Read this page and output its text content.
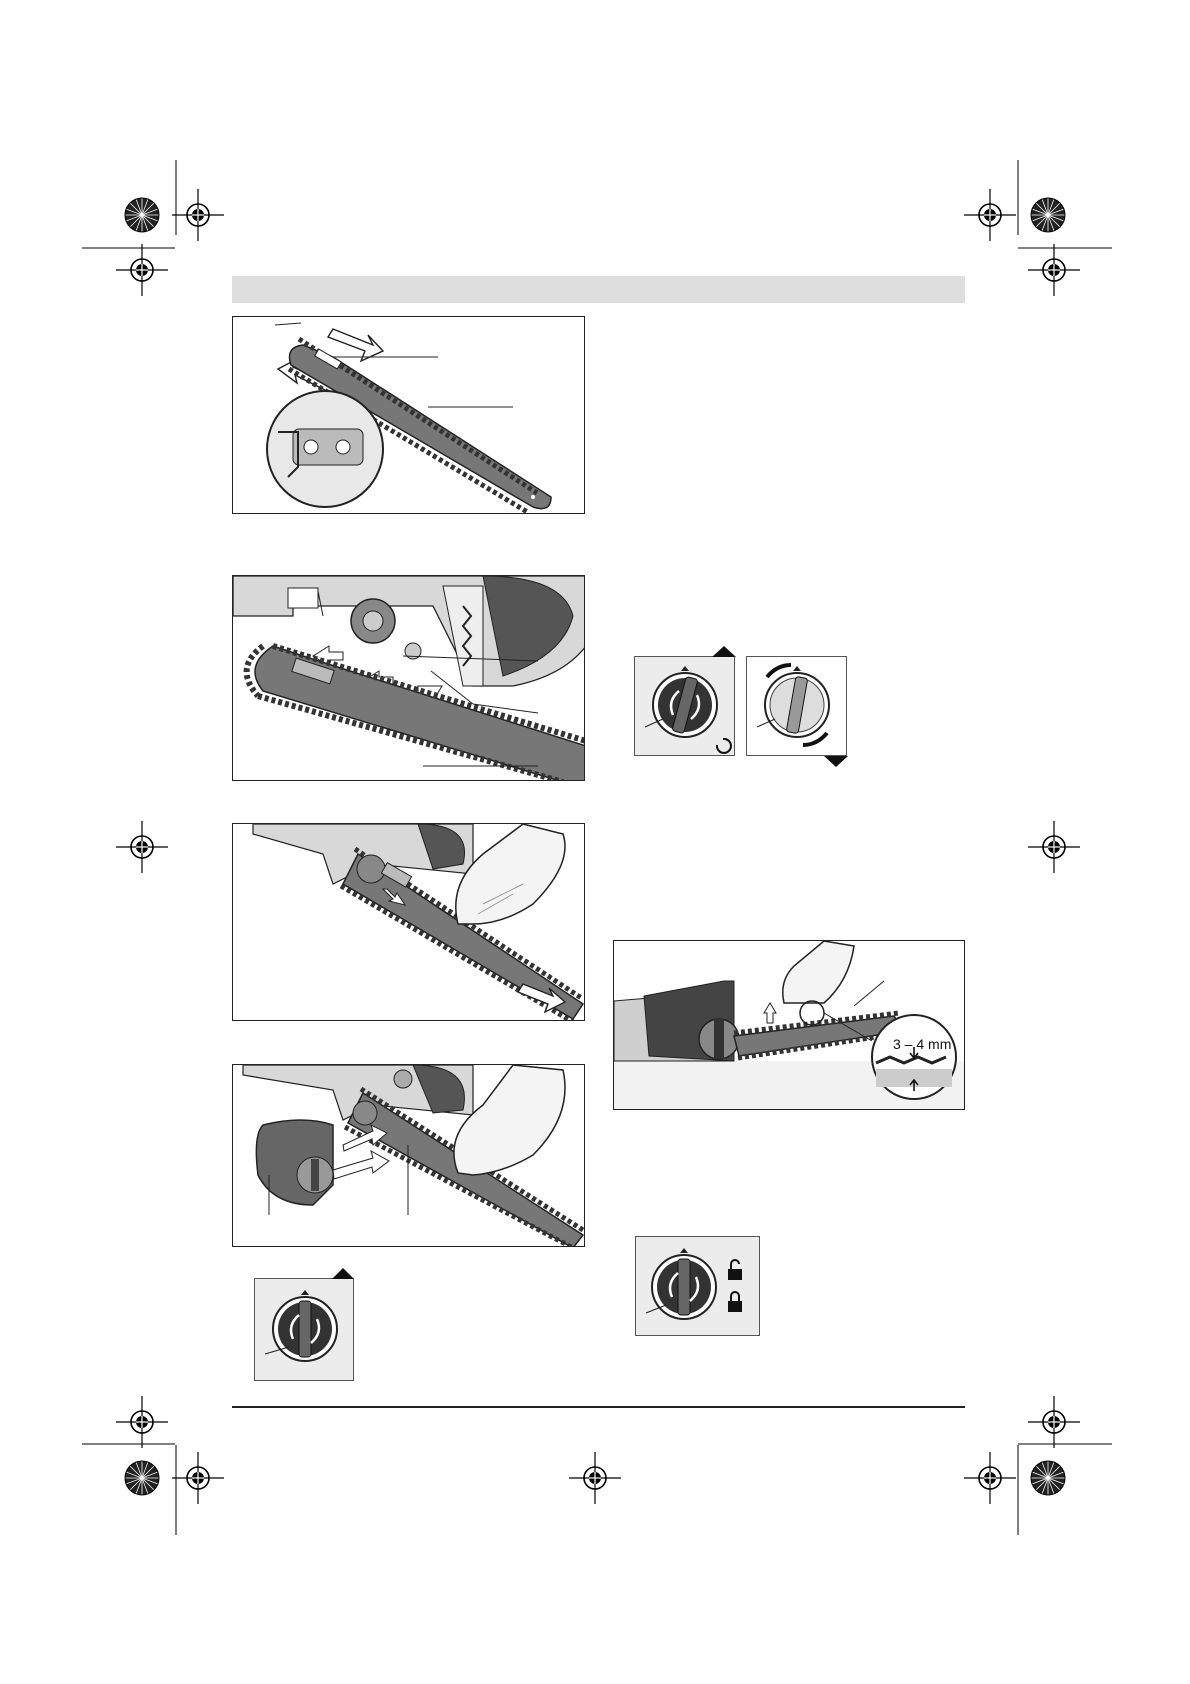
3 – 4 mm
